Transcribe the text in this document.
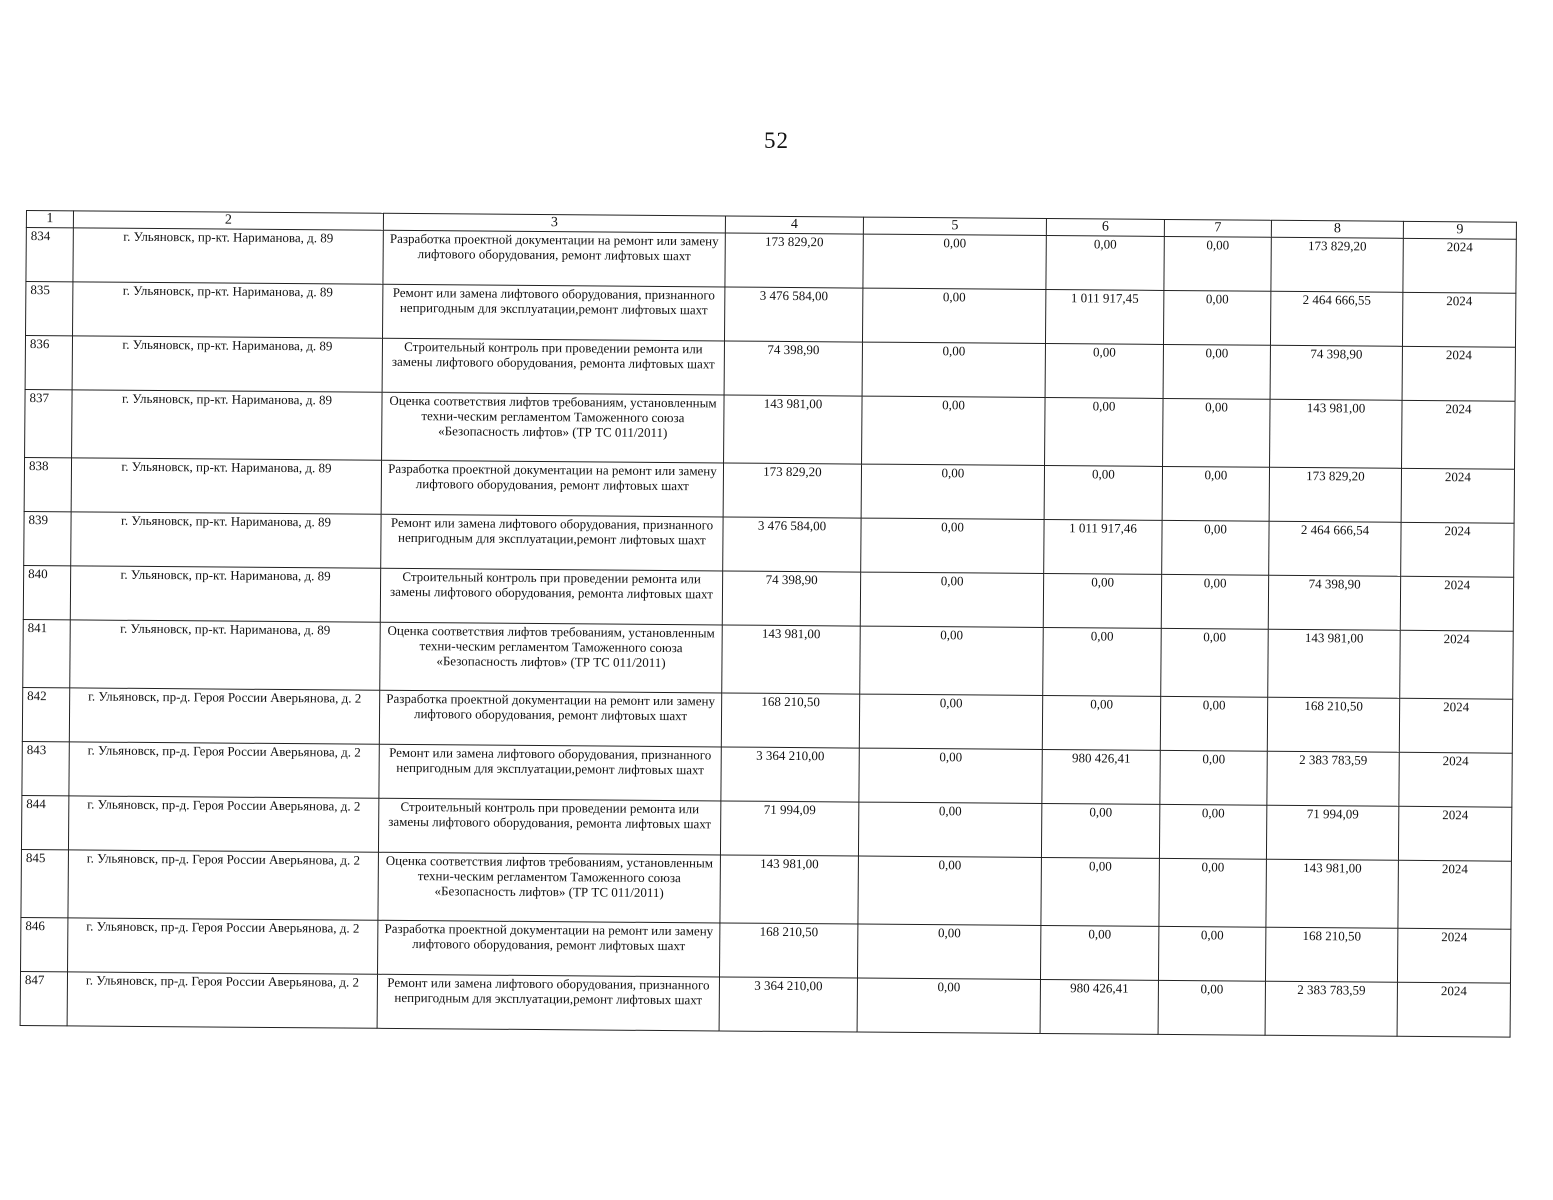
52
1	2	3	4	5	6	7	8	9
834	г. Ульяновск, пр-кт. Нариманова, д. 89	Разработка проектной документации на ремонт или замену лифтового оборудования, ремонт лифтовых шахт	173 829,20	0,00	0,00	0,00	173 829,20	2024
835	г. Ульяновск, пр-кт. Нариманова, д. 89	Ремонт или замена лифтового оборудования, признанного непригодным для эксплуатации,ремонт лифтовых шахт	3 476 584,00	0,00	1 011 917,45	0,00	2 464 666,55	2024
836	г. Ульяновск, пр-кт. Нариманова, д. 89	Строительный контроль при проведении ремонта или замены лифтового оборудования, ремонта лифтовых шахт	74 398,90	0,00	0,00	0,00	74 398,90	2024
837	г. Ульяновск, пр-кт. Нариманова, д. 89	Оценка соответствия лифтов требованиям, установленным техни-ческим регламентом Таможенного союза «Безопасность лифтов» (ТР ТС 011/2011)	143 981,00	0,00	0,00	0,00	143 981,00	2024
838	г. Ульяновск, пр-кт. Нариманова, д. 89	Разработка проектной документации на ремонт или замену лифтового оборудования, ремонт лифтовых шахт	173 829,20	0,00	0,00	0,00	173 829,20	2024
839	г. Ульяновск, пр-кт. Нариманова, д. 89	Ремонт или замена лифтового оборудования, признанного непригодным для эксплуатации,ремонт лифтовых шахт	3 476 584,00	0,00	1 011 917,46	0,00	2 464 666,54	2024
840	г. Ульяновск, пр-кт. Нариманова, д. 89	Строительный контроль при проведении ремонта или замены лифтового оборудования, ремонта лифтовых шахт	74 398,90	0,00	0,00	0,00	74 398,90	2024
841	г. Ульяновск, пр-кт. Нариманова, д. 89	Оценка соответствия лифтов требованиям, установленным техни-ческим регламентом Таможенного союза «Безопасность лифтов» (ТР ТС 011/2011)	143 981,00	0,00	0,00	0,00	143 981,00	2024
842	г. Ульяновск, пр-д. Героя России Аверьянова, д. 2	Разработка проектной документации на ремонт или замену лифтового оборудования, ремонт лифтовых шахт	168 210,50	0,00	0,00	0,00	168 210,50	2024
843	г. Ульяновск, пр-д. Героя России Аверьянова, д. 2	Ремонт или замена лифтового оборудования, признанного непригодным для эксплуатации,ремонт лифтовых шахт	3 364 210,00	0,00	980 426,41	0,00	2 383 783,59	2024
844	г. Ульяновск, пр-д. Героя России Аверьянова, д. 2	Строительный контроль при проведении ремонта или замены лифтового оборудования, ремонта лифтовых шахт	71 994,09	0,00	0,00	0,00	71 994,09	2024
845	г. Ульяновск, пр-д. Героя России Аверьянова, д. 2	Оценка соответствия лифтов требованиям, установленным техни-ческим регламентом Таможенного союза «Безопасность лифтов» (ТР ТС 011/2011)	143 981,00	0,00	0,00	0,00	143 981,00	2024
846	г. Ульяновск, пр-д. Героя России Аверьянова, д. 2	Разработка проектной документации на ремонт или замену лифтового оборудования, ремонт лифтовых шахт	168 210,50	0,00	0,00	0,00	168 210,50	2024
847	г. Ульяновск, пр-д. Героя России Аверьянова, д. 2	Ремонт или замена лифтового оборудования, признанного непригодным для эксплуатации,ремонт лифтовых шахт	3 364 210,00	0,00	980 426,41	0,00	2 383 783,59	2024
